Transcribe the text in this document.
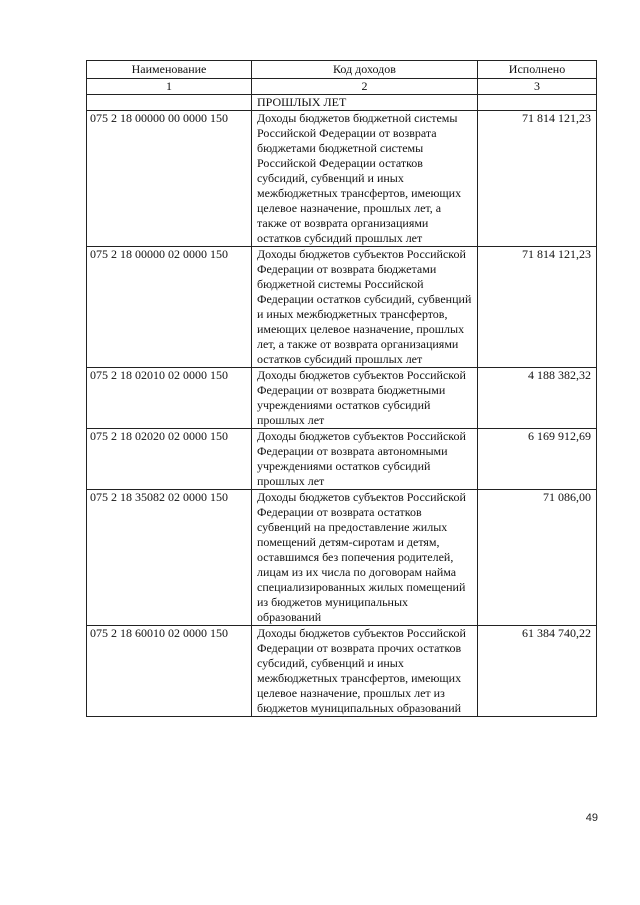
Наименование	Код доходов	Исполнено
1	2	3
	ПРОШЛЫХ ЛЕТ	
075 2 18 00000 00 0000 150	Доходы бюджетов бюджетной системы Российской Федерации от возврата бюджетами бюджетной системы Российской Федерации остатков субсидий, субвенций и иных межбюджетных трансфертов, имеющих целевое назначение, прошлых лет, а также от возврата организациями остатков субсидий прошлых лет	71 814 121,23
075 2 18 00000 02 0000 150	Доходы бюджетов субъектов Российской Федерации от возврата бюджетами бюджетной системы Российской Федерации остатков субсидий, субвенций и иных межбюджетных трансфертов, имеющих целевое назначение, прошлых лет, а также от возврата организациями остатков субсидий прошлых лет	71 814 121,23
075 2 18 02010 02 0000 150	Доходы бюджетов субъектов Российской Федерации от возврата бюджетными учреждениями остатков субсидий прошлых лет	4 188 382,32
075 2 18 02020 02 0000 150	Доходы бюджетов субъектов Российской Федерации от возврата автономными учреждениями остатков субсидий прошлых лет	6 169 912,69
075 2 18 35082 02 0000 150	Доходы бюджетов субъектов Российской Федерации от возврата остатков субвенций на предоставление жилых помещений детям-сиротам и детям, оставшимся без попечения родителей, лицам из их числа по договорам найма специализированных жилых помещений из бюджетов муниципальных образований	71 086,00
075 2 18 60010 02 0000 150	Доходы бюджетов субъектов Российской Федерации от возврата прочих остатков субсидий, субвенций и иных межбюджетных трансфертов, имеющих целевое назначение, прошлых лет из бюджетов муниципальных образований	61 384 740,22
49
